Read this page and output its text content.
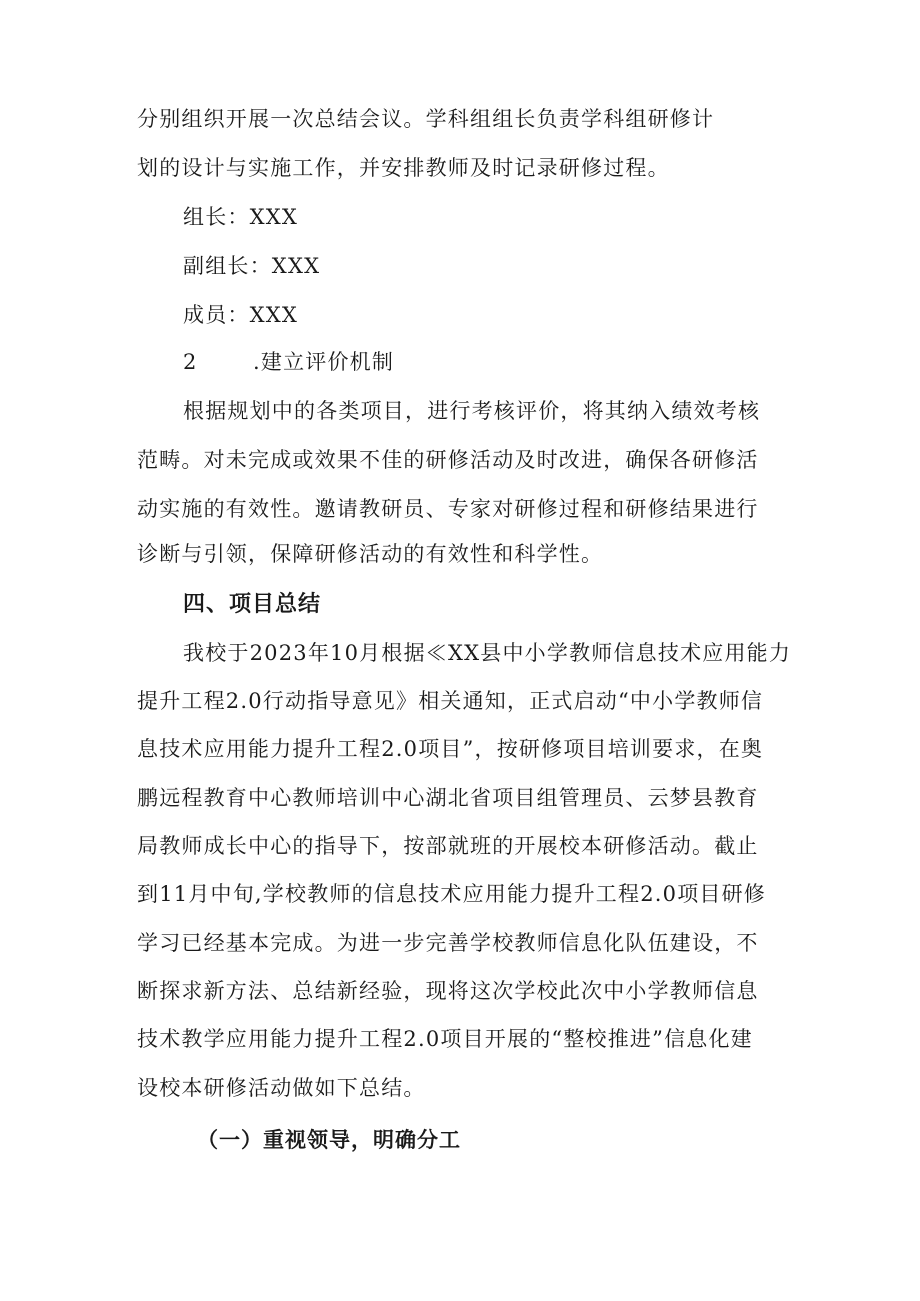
分别组织开展一次总结会议。学科组组长负责学科组研修计

划的设计与实施工作，并安排教师及时记录研修过程。

组长：XXX

副组长：XXX

成员：XXX

2	.建立评价机制

根据规划中的各类项目，进行考核评价，将其纳入绩效考核

范畴。对未完成或效果不佳的研修活动及时改进，确保各研修活

动实施的有效性。邀请教研员、专家对研修过程和研修结果进行

诊断与引领，保障研修活动的有效性和科学性。

四、项目总结

我校于2023年10月根据≪XX县中小学教师信息技术应用能力

提升工程2.0行动指导意见》相关通知，正式启动“中小学教师信

息技术应用能力提升工程2.0项目”，按研修项目培训要求，在奥

鹏远程教育中心教师培训中心湖北省项目组管理员、云梦县教育

局教师成长中心的指导下，按部就班的开展校本研修活动。截止

到11月中旬,学校教师的信息技术应用能力提升工程2.0项目研修

学习已经基本完成。为进一步完善学校教师信息化队伍建设，不

断探求新方法、总结新经验，现将这次学校此次中小学教师信息

技术教学应用能力提升工程2.0项目开展的“整校推进”信息化建

设校本研修活动做如下总结。

（一）重视领导，明确分工
